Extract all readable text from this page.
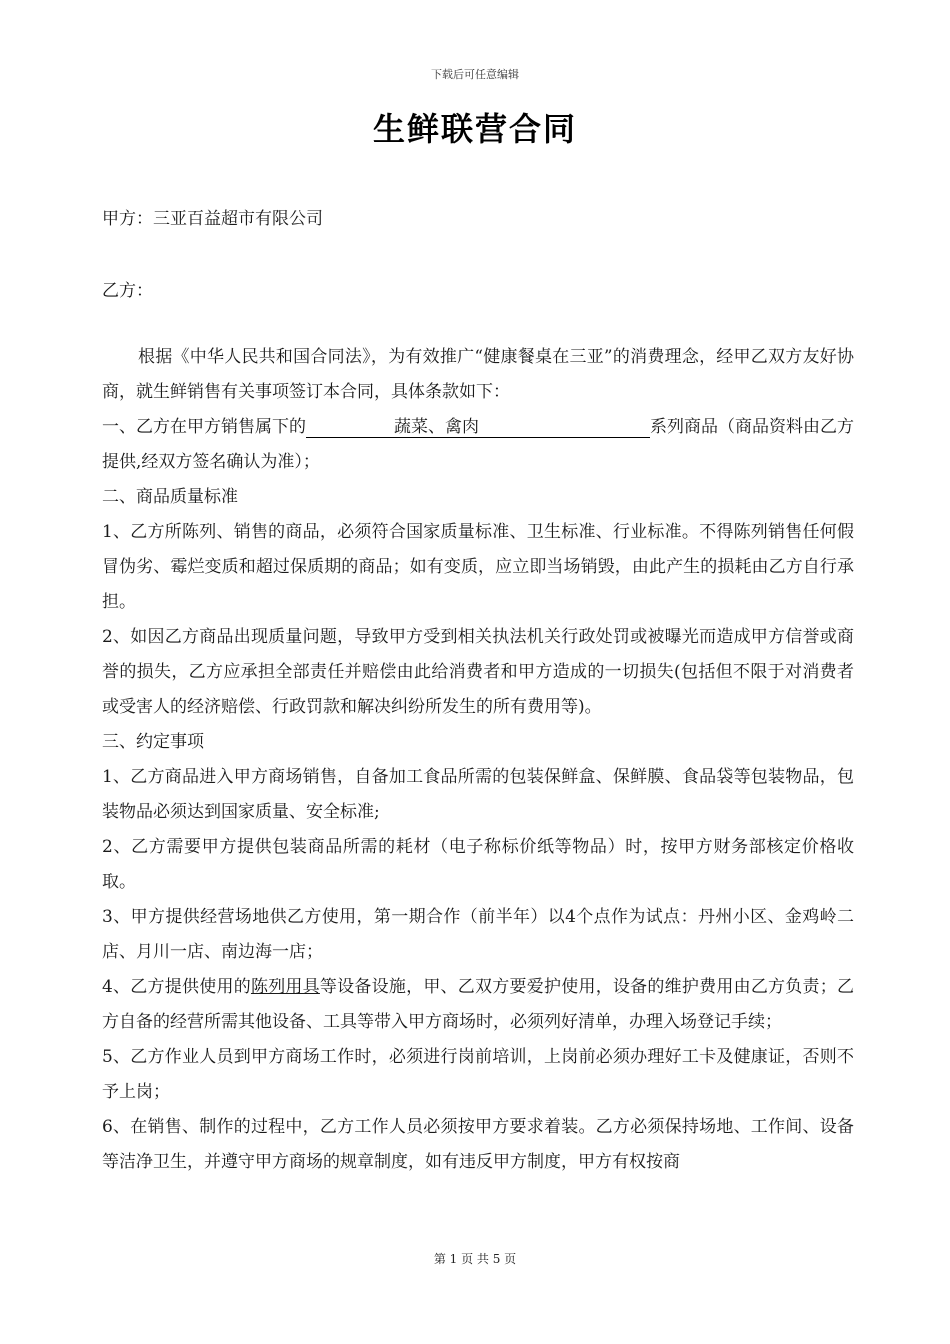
下载后可任意编辑
生鲜联营合同
甲方：三亚百益超市有限公司
乙方：

根据《中华人民共和国合同法》，为有效推广“健康餐桌在三亚”的消费理念，经甲乙双方友好协商，就生鲜销售有关事项签订本合同，具体条款如下：

一、乙方在甲方销售属下的	蔬菜、禽肉	系列商品（商品资料由乙方提供,经双方签名确认为准）；

二、商品质量标准

1、乙方所陈列、销售的商品，必须符合国家质量标准、卫生标准、行业标准。不得陈列销售任何假冒伪劣、霉烂变质和超过保质期的商品；如有变质，应立即当场销毁，由此产生的损耗由乙方自行承担。

2、如因乙方商品出现质量问题，导致甲方受到相关执法机关行政处罚或被曝光而造成甲方信誉或商誉的损失，乙方应承担全部责任并赔偿由此给消费者和甲方造成的一切损失(包括但不限于对消费者或受害人的经济赔偿、行政罚款和解决纠纷所发生的所有费用等)。

三、约定事项

1、乙方商品进入甲方商场销售，自备加工食品所需的包装保鲜盒、保鲜膜、食品袋等包装物品，包装物品必须达到国家质量、安全标准;

2、乙方需要甲方提供包装商品所需的耗材（电子称标价纸等物品）时，按甲方财务部核定价格收取。

3、甲方提供经营场地供乙方使用，第一期合作（前半年）以4个点作为试点：丹州小区、金鸡岭二店、月川一店、南边海一店；

4、乙方提供使用的陈列用具等设备设施，甲、乙双方要爱护使用，设备的维护费用由乙方负责；乙方自备的经营所需其他设备、工具等带入甲方商场时，必须列好清单，办理入场登记手续；

5、乙方作业人员到甲方商场工作时，必须进行岗前培训，上岗前必须办理好工卡及健康证，否则不予上岗；

6、在销售、制作的过程中，乙方工作人员必须按甲方要求着装。乙方必须保持场地、工作间、设备等洁净卫生，并遵守甲方商场的规章制度，如有违反甲方制度，甲方有权按商

第 1 页 共 5 页
